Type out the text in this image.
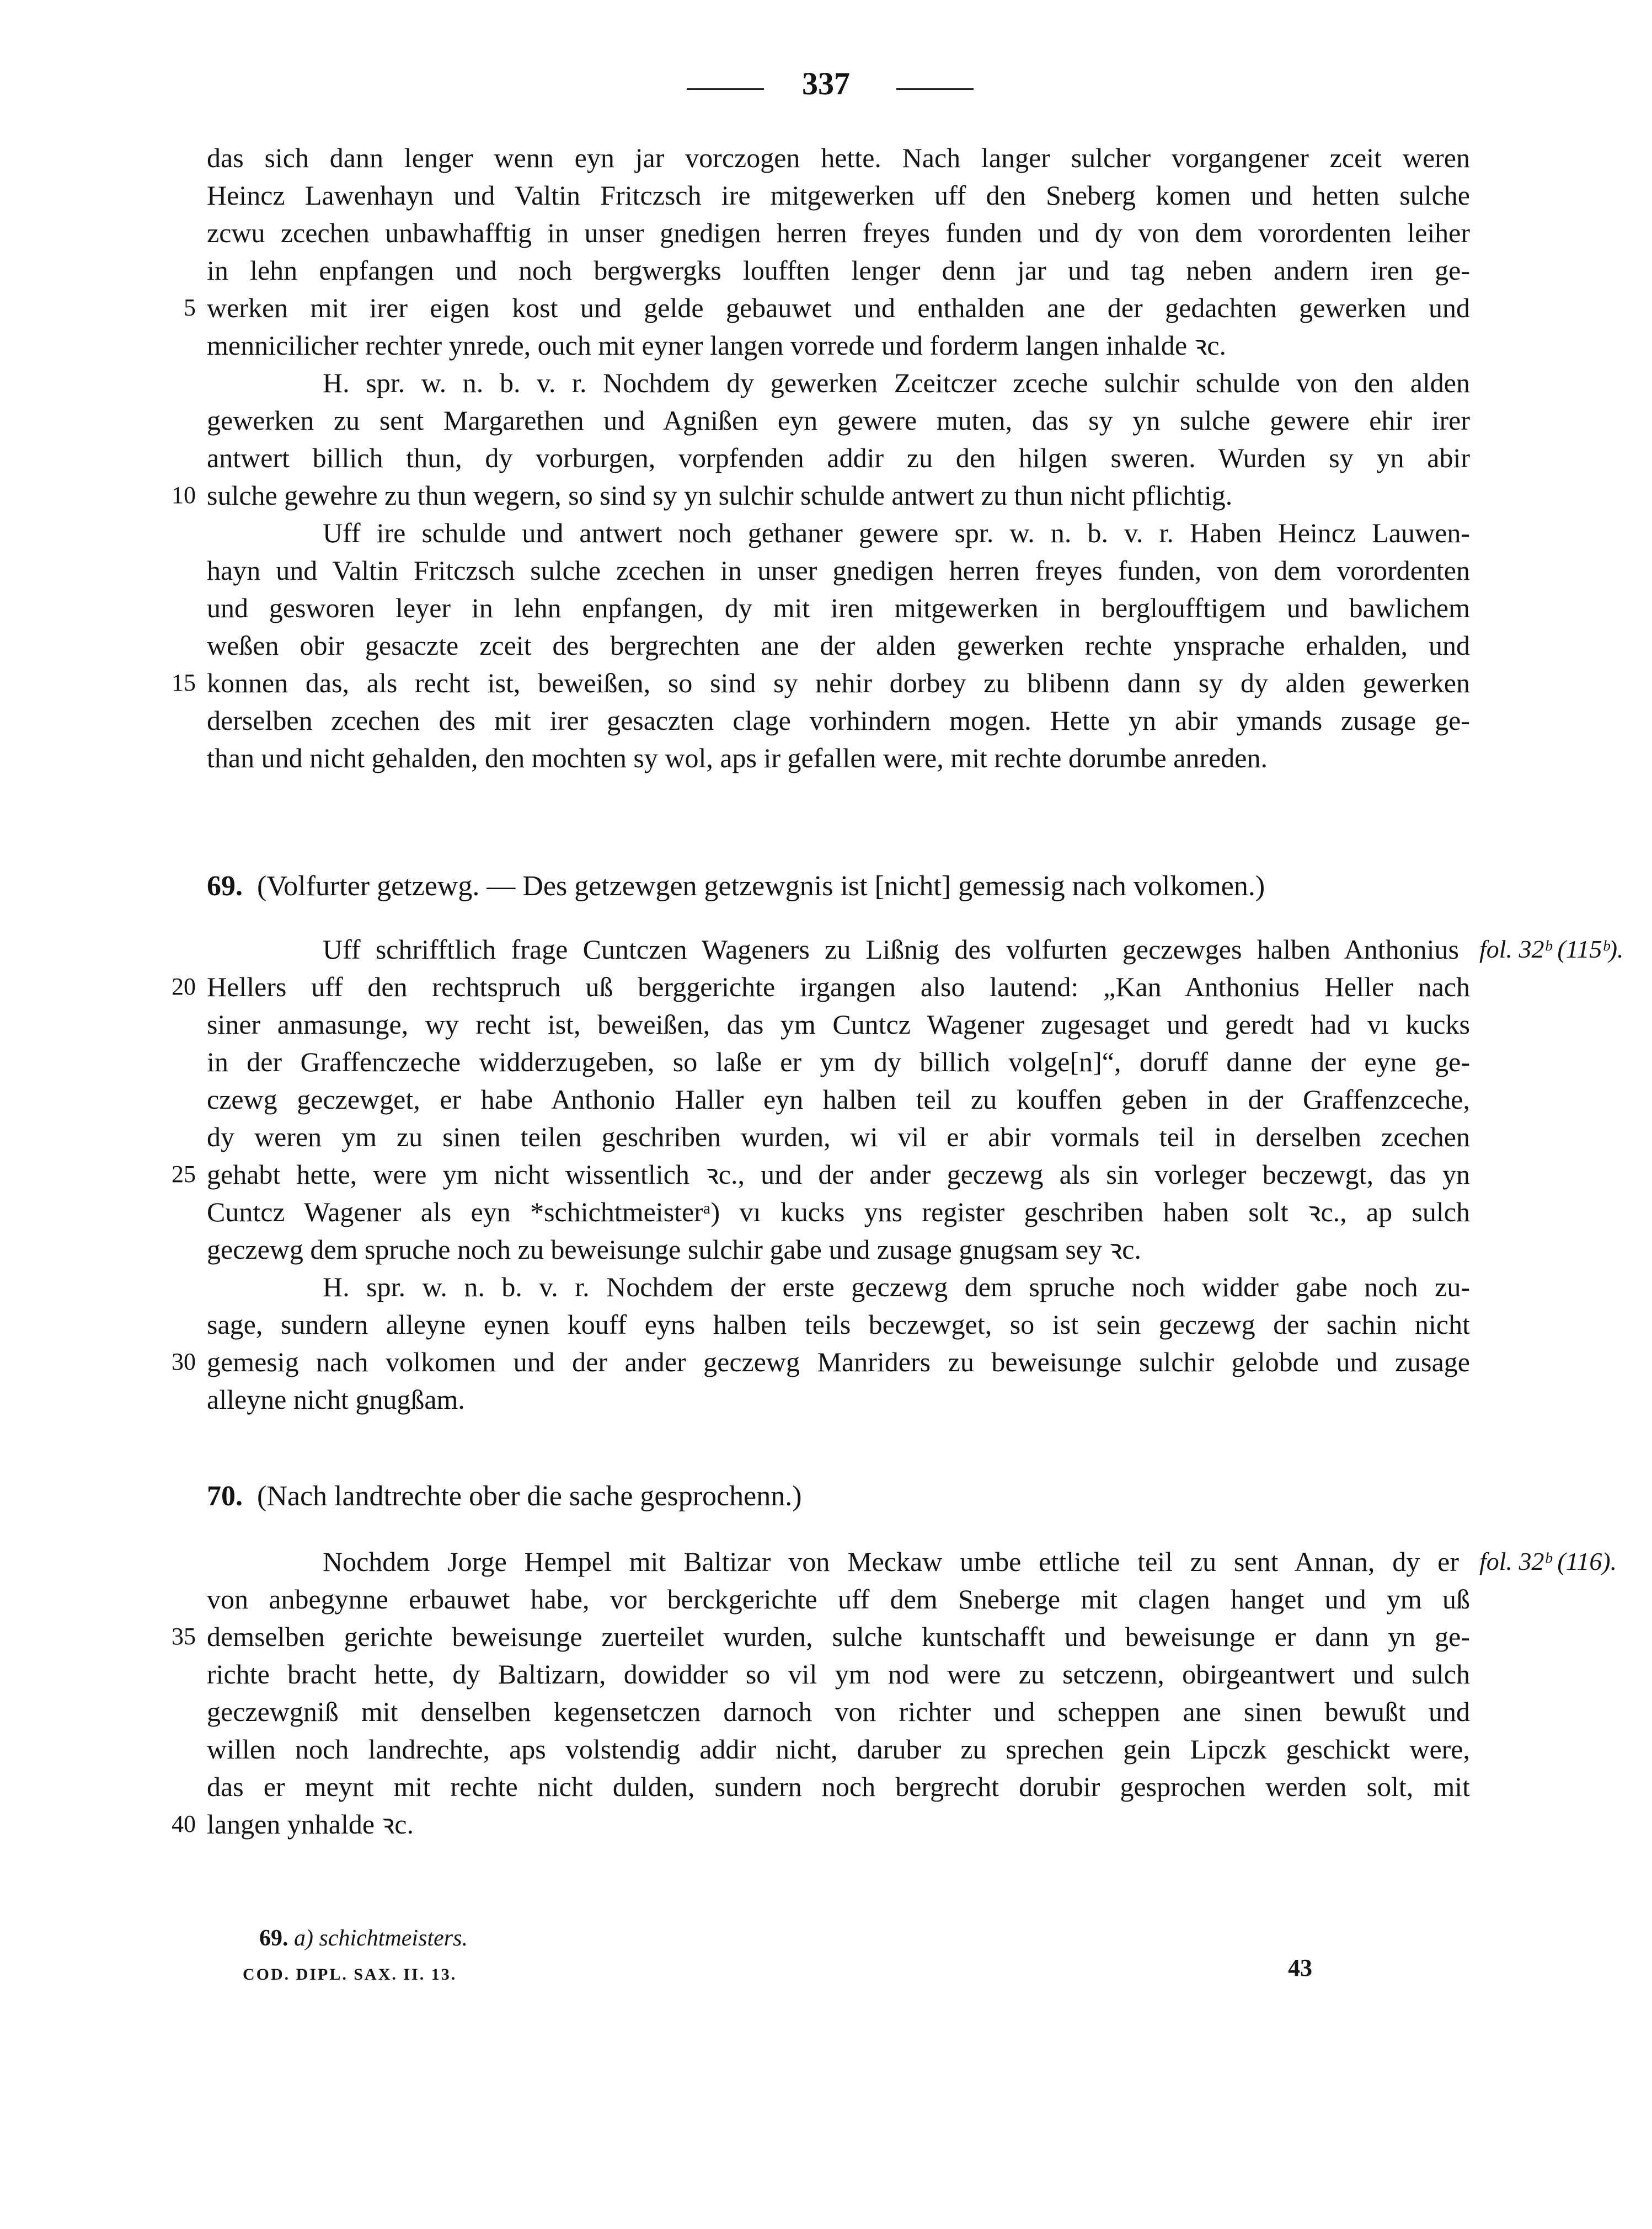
337
das sich dann lenger wenn eyn jar vorczogen hette. Nach langer sulcher vorgangener zceit weren
Heincz Lawenhayn und Valtin Fritczsch ire mitgewerken uff den Sneberg komen und hetten sulche
zcwu zcechen unbawhafftig in unser gnedigen herren freyes funden und dy von dem vorordenten leiher
in lehn enpfangen und noch bergwergks loufften lenger denn jar und tag neben andern iren ge-
werken mit irer eigen kost und gelde gebauwet und enthalden ane der gedachten gewerken und
mennicilicher rechter ynrede, ouch mit eyner langen vorrede und forderm langen inhalde ꝛc.
H. spr. w. n. b. v. r. Nochdem dy gewerken Zceitczer zceche sulchir schulde von den alden
gewerken zu sent Margarethen und Agnißen eyn gewere muten, das sy yn sulche gewere ehir irer
antwert billich thun, dy vorburgen, vorpfenden addir zu den hilgen sweren. Wurden sy yn abir
sulche gewehre zu thun wegern, so sind sy yn sulchir schulde antwert zu thun nicht pflichtig.
Uff ire schulde und antwert noch gethaner gewere spr. w. n. b. v. r. Haben Heincz Lauwen-
hayn und Valtin Fritczsch sulche zcechen in unser gnedigen herren freyes funden, von dem vorordenten
und gesworen leyer in lehn enpfangen, dy mit iren mitgewerken in bergloufftigem und bawlichem
weßen obir gesaczte zceit des bergrechten ane der alden gewerken rechte ynsprache erhalden, und
konnen das, als recht ist, beweißen, so sind sy nehir dorbey zu blibenn dann sy dy alden gewerken
derselben zcechen des mit irer gesaczten clage vorhindern mogen. Hette yn abir ymands zusage ge-
than und nicht gehalden, den mochten sy wol, aps ir gefallen were, mit rechte dorumbe anreden.
69. (Volfurter getzewg. — Des getzewgen getzewgnis ist [nicht] gemessig nach volkomen.)
fol. 32ᵇ (115ᵇ).
Uff schrifftlich frage Cuntczen Wageners zu Lißnig des volfurten geczewges halben Anthonius
Hellers uff den rechtspruch uß berggerichte irgangen also lautend: „Kan Anthonius Heller nach
siner anmasunge, wy recht ist, beweißen, das ym Cuntcz Wagener zugesaget und geredt had vı kucks
in der Graffenczeche widderzugeben, so laße er ym dy billich volge[n]“, doruff danne der eyne ge-
czewg geczewget, er habe Anthonio Haller eyn halben teil zu kouffen geben in der Graffenzceche,
dy weren ym zu sinen teilen geschriben wurden, wi vil er abir vormals teil in derselben zcechen
gehabt hette, were ym nicht wissentlich ꝛc., und der ander geczewg als sin vorleger beczewgt, das yn
Cuntcz Wagener als eyn *schichtmeisterᵃ) vı kucks yns register geschriben haben solt ꝛc., ap sulch
geczewg dem spruche noch zu beweisunge sulchir gabe und zusage gnugsam sey ꝛc.
H. spr. w. n. b. v. r. Nochdem der erste geczewg dem spruche noch widder gabe noch zu-
sage, sundern alleyne eynen kouff eyns halben teils beczewget, so ist sein geczewg der sachin nicht
gemesig nach volkomen und der ander geczewg Manriders zu beweisunge sulchir gelobde und zusage
alleyne nicht gnugßam.
70. (Nach landtrechte ober die sache gesprochenn.)
fol. 32ᵇ (116).
Nochdem Jorge Hempel mit Baltizar von Meckaw umbe ettliche teil zu sent Annan, dy er
von anbegynne erbauwet habe, vor berckgerichte uff dem Sneberge mit clagen hanget und ym uß
demselben gerichte beweisunge zuerteilet wurden, sulche kuntschafft und beweisunge er dann yn ge-
richte bracht hette, dy Baltizarn, dowidder so vil ym nod were zu setczenn, obirgeantwert und sulch
geczewgniß mit denselben kegensetczen darnoch von richter und scheppen ane sinen bewußt und
willen noch landrechte, aps volstendig addir nicht, daruber zu sprechen gein Lipczk geschickt were,
das er meynt mit rechte nicht dulden, sundern noch bergrecht dorubir gesprochen werden solt, mit
langen ynhalde ꝛc.
5
10
15
20
25
30
35
40
69. a) schichtmeisters.
COD. DIPL. SAX. II. 13.	43
